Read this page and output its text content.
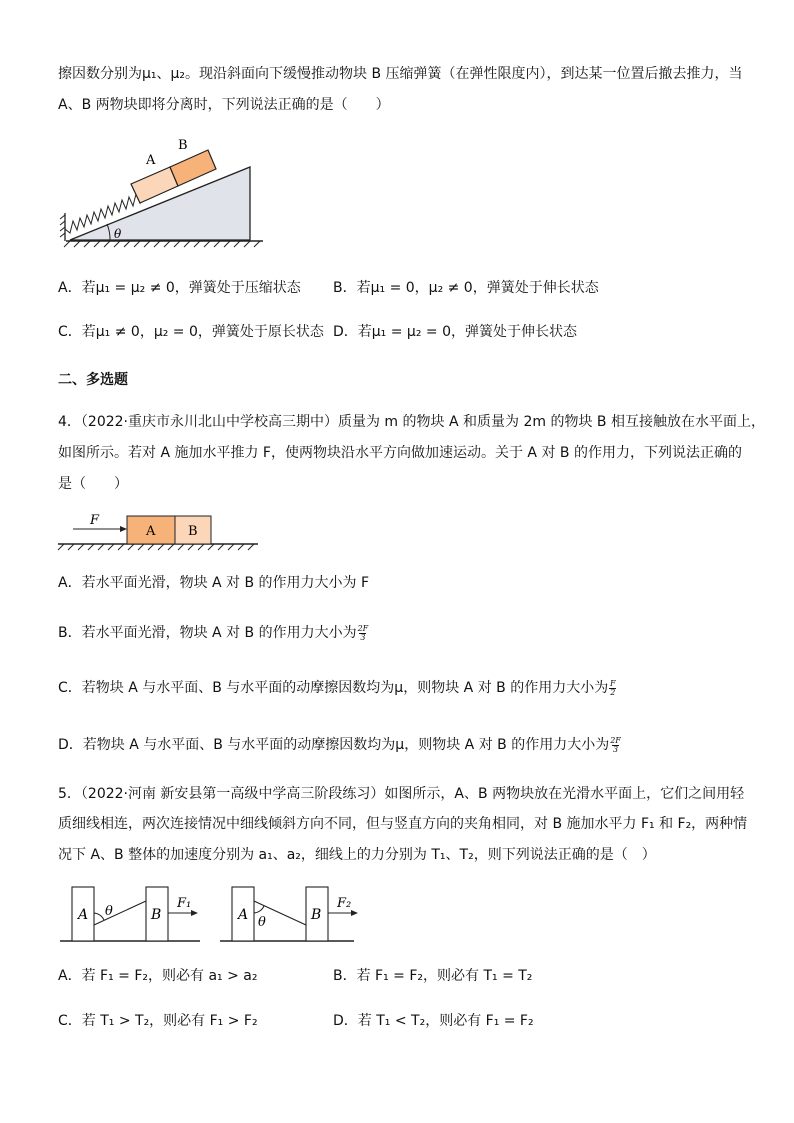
擦因数分别为μ₁、μ₂。现沿斜面向下缓慢推动物块 B 压缩弹簧（在弹性限度内），到达某一位置后撤去推力，当
A、B 两物块即将分离时，下列说法正确的是（　　）
A
B
θ
A．若μ₁ = μ₂ ≠ 0，弹簧处于压缩状态 B．若μ₁ = 0，μ₂ ≠ 0，弹簧处于伸长状态
C．若μ₁ ≠ 0，μ₂ = 0，弹簧处于原长状态 D．若μ₁ = μ₂ = 0，弹簧处于伸长状态
二、多选题
4．（2022·重庆市永川北山中学校高三期中）质量为 m 的物块 A 和质量为 2m 的物块 B 相互接触放在水平面上，
如图所示。若对 A 施加水平推力 F，使两物块沿水平方向做加速运动。关于 A 对 B 的作用力，下列说法正确的
是（　　）
A	B
F
A．若水平面光滑，物块 A 对 B 的作用力大小为 F
B．若水平面光滑，物块 A 对 B 的作用力大小为 $\frac{2F}{3}$
C．若物块 A 与水平面、B 与水平面的动摩擦因数均为μ，则物块 A 对 B 的作用力大小为 $\frac{F}{2}$
D．若物块 A 与水平面、B 与水平面的动摩擦因数均为μ，则物块 A 对 B 的作用力大小为 $\frac{2F}{3}$
5．（2022·河南 新安县第一高级中学高三阶段练习）如图所示，A、B 两物块放在光滑水平面上，它们之间用轻
质细线相连，两次连接情况中细线倾斜方向不同，但与竖直方向的夹角相同，对 B 施加水平力 F₁ 和 F₂，两种情
况下 A、B 整体的加速度分别为 a₁、a₂，细线上的力分别为 T₁、T₂，则下列说法正确的是（　）
θ
A	B
F₁
θ
A	B
F₂
A．若 F₁ = F₂，则必有 a₁ > a₂	B．若 F₁ = F₂，则必有 T₁ = T₂
C．若 T₁ > T₂，则必有 F₁ > F₂	D．若 T₁ < T₂，则必有 F₁ = F₂
